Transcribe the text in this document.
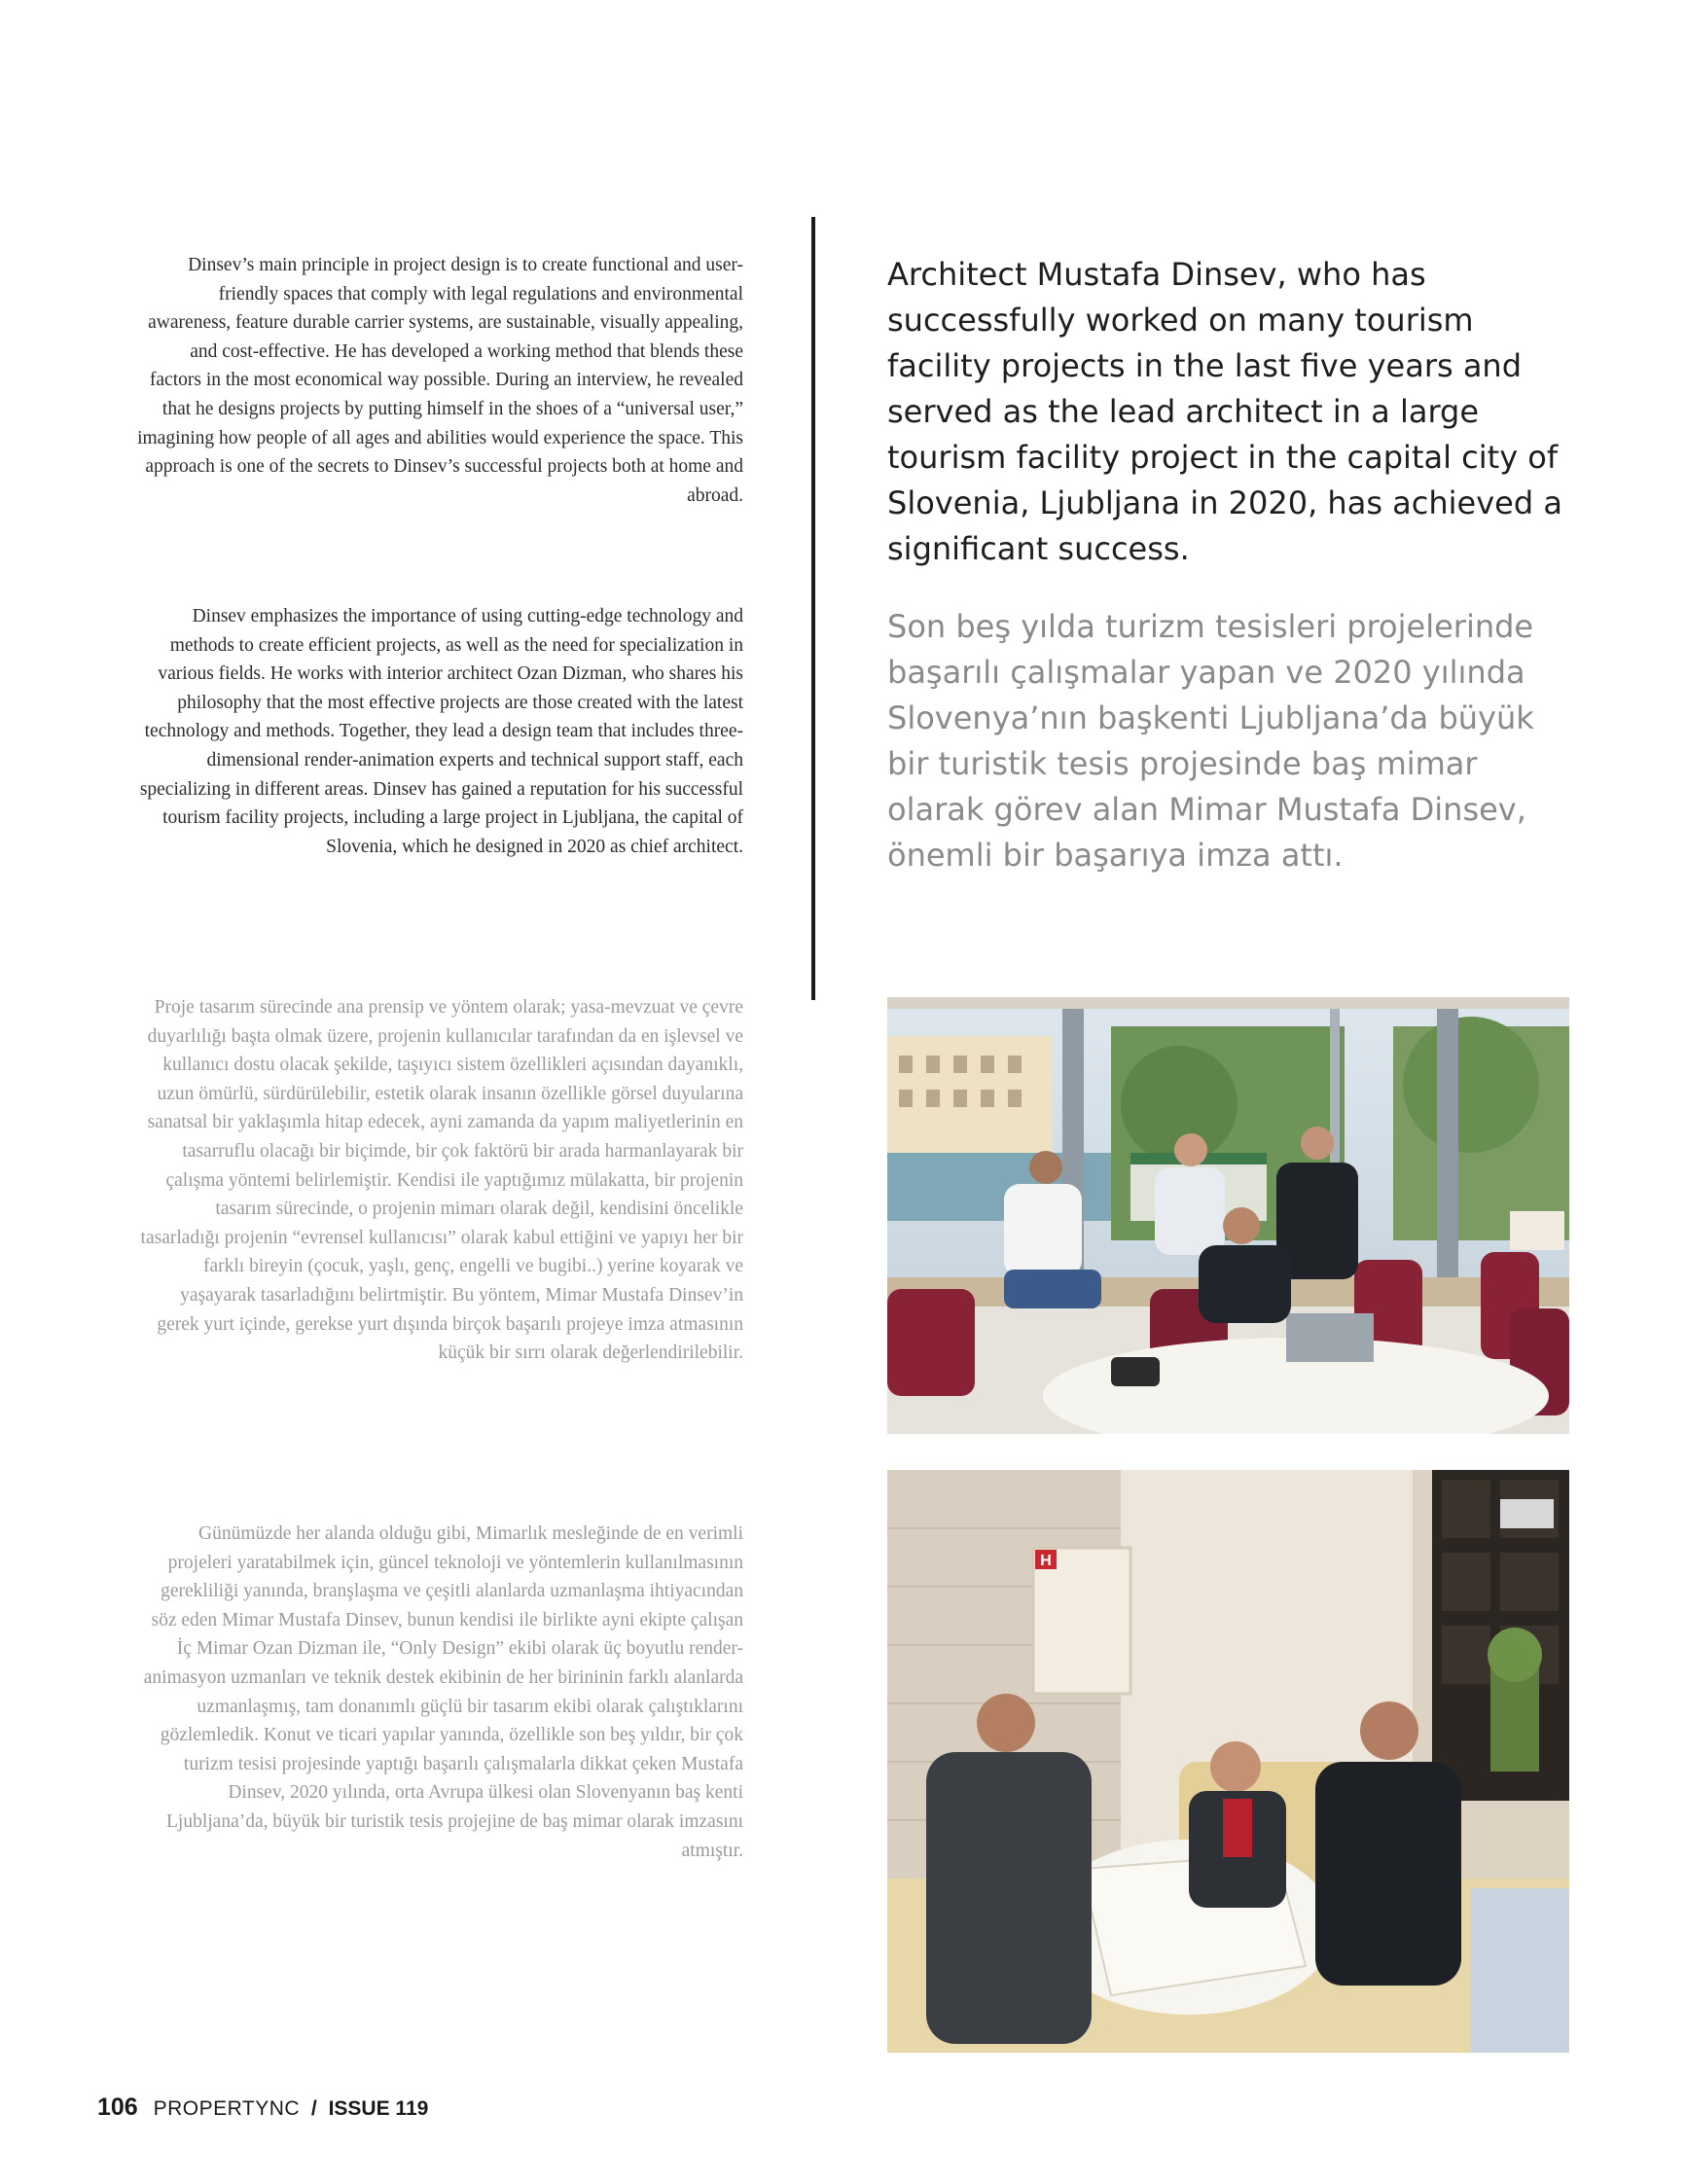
Dinsev’s main principle in project design is to create functional and user-friendly spaces that comply with legal regulations and environmental awareness, feature durable carrier systems, are sustainable, visually appealing, and cost-effective. He has developed a working method that blends these factors in the most economical way possible. During an interview, he revealed that he designs projects by putting himself in the shoes of a “universal user,” imagining how people of all ages and abilities would experience the space. This approach is one of the secrets to Dinsev’s successful projects both at home and abroad.
Dinsev emphasizes the importance of using cutting-edge technology and methods to create efficient projects, as well as the need for specialization in various fields. He works with interior architect Ozan Dizman, who shares his philosophy that the most effective projects are those created with the latest technology and methods. Together, they lead a design team that includes three-dimensional render-animation experts and technical support staff, each specializing in different areas. Dinsev has gained a reputation for his successful tourism facility projects, including a large project in Ljubljana, the capital of Slovenia, which he designed in 2020 as chief architect.
Proje tasarım sürecinde ana prensip ve yöntem olarak; yasa-mevzuat ve çevre duyarlılığı başta olmak üzere, projenin kullanıcılar tarafından da en işlevsel ve kullanıcı dostu olacak şekilde, taşıyıcı sistem özellikleri açısından dayanıklı, uzun ömürlü, sürdürülebilir, estetik olarak insanın özellikle görsel duyularına sanatsal bir yaklaşımla hitap edecek, ayni zamanda da yapım maliyetlerinin en tasarruflu olacağı bir biçimde, bir çok faktörü bir arada harmanlayarak bir çalışma yöntemi belirlemiştir. Kendisi ile yaptığımız mülakatta, bir projenin tasarım sürecinde, o projenin mimarı olarak değil, kendisini öncelikle tasarladığı projenin “evrensel kullanıcısı” olarak kabul ettiğini ve yapıyı her bir farklı bireyin (çocuk, yaşlı, genç, engelli ve bugibi..) yerine koyarak ve yaşayarak tasarladığını belirtmiştir. Bu yöntem, Mimar Mustafa Dinsev’in gerek yurt içinde, gerekse yurt dışında birçok başarılı projeye imza atmasının küçük bir sırrı olarak değerlendirilebilir.
Günümüzde her alanda olduğu gibi, Mimarlık mesleğinde de en verimli projeleri yaratabilmek için, güncel teknoloji ve yöntemlerin kullanılmasının gerekliliği yanında, branşlaşma ve çeşitli alanlarda uzmanlaşma ihtiyacından söz eden Mimar Mustafa Dinsev, bunun kendisi ile birlikte ayni ekipte çalışan İç Mimar Ozan Dizman ile, “Only Design” ekibi olarak üç boyutlu render-animasyon uzmanları ve teknik destek ekibinin de her birininin farklı alanlarda uzmanlaşmış, tam donanımlı güçlü bir tasarım ekibi olarak çalıştıklarını gözlemledik. Konut ve ticari yapılar yanında, özellikle son beş yıldır, bir çok turizm tesisi projesinde yaptığı başarılı çalışmalarla dikkat çeken Mustafa Dinsev, 2020 yılında, orta Avrupa ülkesi olan Slovenyanın baş kenti Ljubljana’da, büyük bir turistik tesis projejine de baş mimar olarak imzasını atmıştır.
Architect Mustafa Dinsev, who has successfully worked on many tourism facility projects in the last five years and served as the lead architect in a large tourism facility project in the capital city of Slovenia, Ljubljana in 2020, has achieved a significant success.
Son beş yılda turizm tesisleri projelerinde başarılı çalışmalar yapan ve 2020 yılında Slovenya’nın başkenti Ljubljana’da büyük bir turistik tesis projesinde baş mimar olarak görev alan Mimar Mustafa Dinsev, önemli bir başarıya imza attı.
H
106 PROPERTYNC / ISSUE 119
